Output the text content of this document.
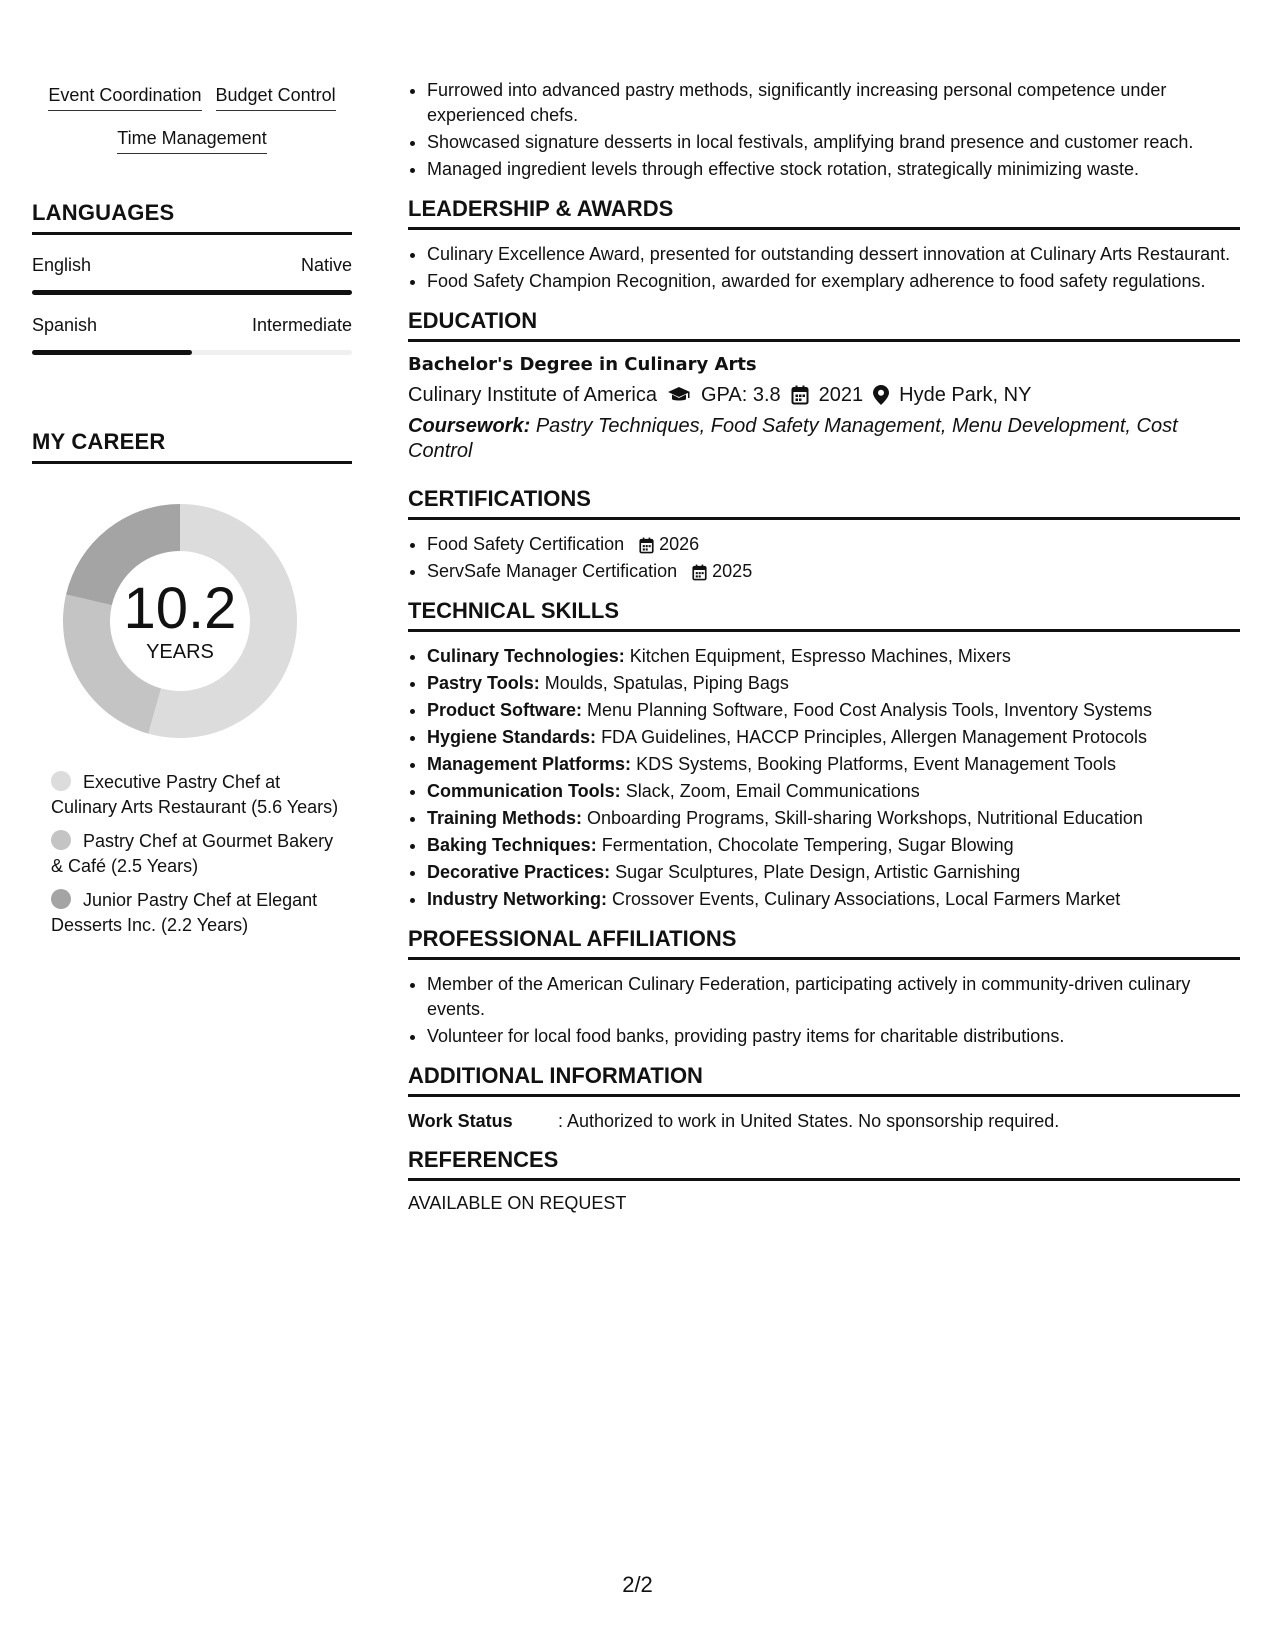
Event Coordination Budget Control
Time Management
LANGUAGES
English	Native
Spanish	Intermediate
MY CAREER
10.2
YEARS
Executive Pastry Chef at Culinary Arts Restaurant (5.6 Years)
Pastry Chef at Gourmet Bakery & Café (2.5 Years)
Junior Pastry Chef at Elegant Desserts Inc. (2.2 Years)
• Furrowed into advanced pastry methods, significantly increasing personal competence under experienced chefs.
• Showcased signature desserts in local festivals, amplifying brand presence and customer reach.
• Managed ingredient levels through effective stock rotation, strategically minimizing waste.
LEADERSHIP & AWARDS
• Culinary Excellence Award, presented for outstanding dessert innovation at Culinary Arts Restaurant.
• Food Safety Champion Recognition, awarded for exemplary adherence to food safety regulations.
EDUCATION
Bachelor's Degree in Culinary Arts
Culinary Institute of America GPA: 3.8 2021 Hyde Park, NY
Coursework: Pastry Techniques, Food Safety Management, Menu Development, Cost Control
CERTIFICATIONS
• Food Safety Certification 2026
• ServSafe Manager Certification 2025
TECHNICAL SKILLS
• Culinary Technologies: Kitchen Equipment, Espresso Machines, Mixers
• Pastry Tools: Moulds, Spatulas, Piping Bags
• Product Software: Menu Planning Software, Food Cost Analysis Tools, Inventory Systems
• Hygiene Standards: FDA Guidelines, HACCP Principles, Allergen Management Protocols
• Management Platforms: KDS Systems, Booking Platforms, Event Management Tools
• Communication Tools: Slack, Zoom, Email Communications
• Training Methods: Onboarding Programs, Skill-sharing Workshops, Nutritional Education
• Baking Techniques: Fermentation, Chocolate Tempering, Sugar Blowing
• Decorative Practices: Sugar Sculptures, Plate Design, Artistic Garnishing
• Industry Networking: Crossover Events, Culinary Associations, Local Farmers Market
PROFESSIONAL AFFILIATIONS
• Member of the American Culinary Federation, participating actively in community-driven culinary events.
• Volunteer for local food banks, providing pastry items for charitable distributions.
ADDITIONAL INFORMATION
Work Status	: Authorized to work in United States. No sponsorship required.
REFERENCES
AVAILABLE ON REQUEST
2/2
